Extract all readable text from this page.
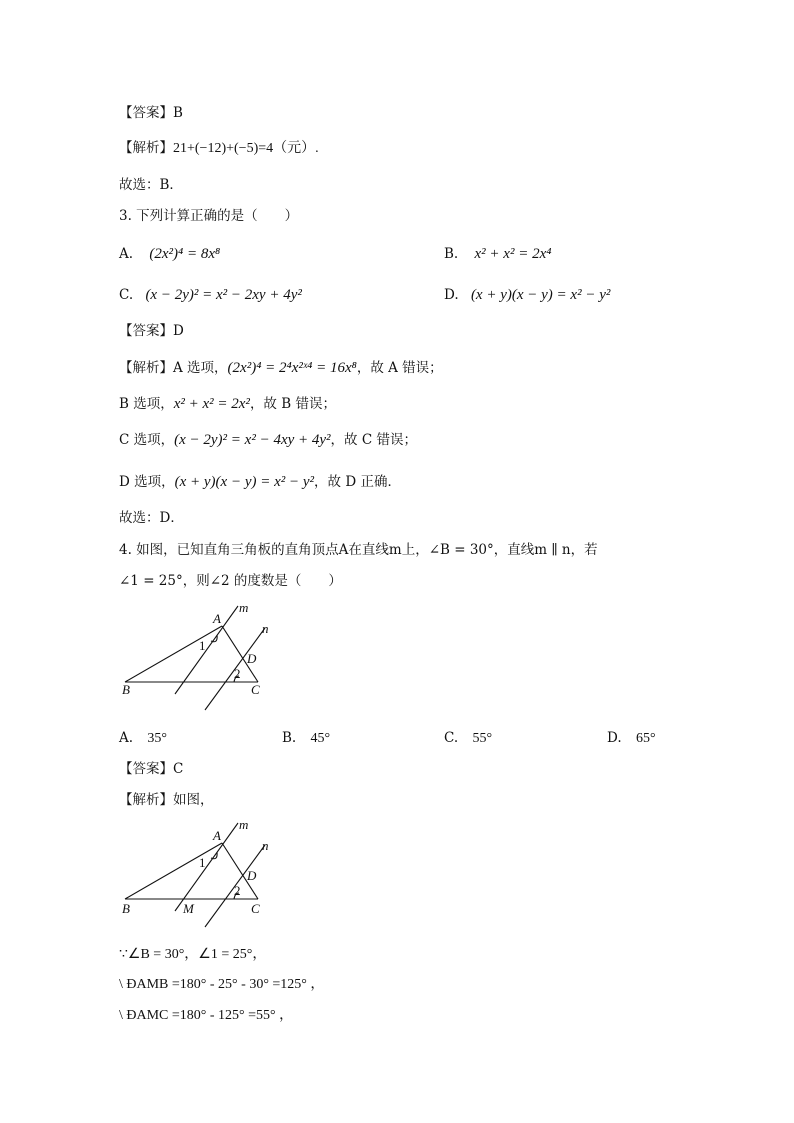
【答案】B
【解析】21+(−12)+(−5)=4（元）.
故选：B．
3. 下列计算正确的是（　　）
A. (2x²)⁴ = 8x⁸	B. x² + x² = 2x⁴
C. (x − 2y)² = x² − 2xy + 4y²	D. (x + y)(x − y) = x² − y²
【答案】D
【解析】A 选项，(2x²)⁴ = 2⁴x²ˣ⁴ = 16x⁸，故 A 错误；
B 选项，x² + x² = 2x²，故 B 错误；
C 选项，(x − 2y)² = x² − 4xy + 4y²，故 C 错误；
D 选项，(x + y)(x − y) = x² − y²，故 D 正确．
故选：D．
4. 如图，已知直角三角板的直角顶点A在直线m上，∠B = 30°，直线m ∥ n，若
∠1 = 25°，则∠2 的度数是（　　）
A
B	C
D
m
n
1
2
A. 35°	B. 45°	C. 55°	D. 65°
【答案】C
【解析】如图，
A
B	C
D
M
m
n
1
2
∵∠B = 30°，∠1 = 25°，
\ ÐAMB =180° - 25° - 30° =125° ，
\ ÐAMC =180° - 125° =55° ，
